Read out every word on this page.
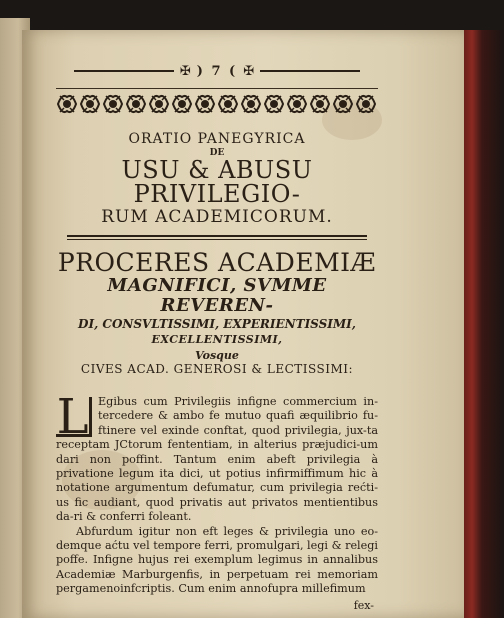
✠ ) 7 ( ✠
ORATIO PANEGYRICA
DE
USU & ABUSU PRIVILEGIO-
RUM ACADEMICORUM.
PROCERES ACADEMIÆ
MAGNIFICI, SVMME REVEREN-
DI, CONSVLTISSIMI, EXPERIENTISSIMI,
EXCELLENTISSIMI,
Vosque
CIVES ACAD. GENEROSI & LECTISSIMI:
L Egibus cum Privilegiis infigne commercium in-tercedere & ambo fe mutuo quafi æquilibrio fu-ftinere vel exinde conftat, quod privilegia, jux-ta receptam JCtorum fententiam, in alterius præjudici-um dari non poffint. Tantum enim abeft privilegia à privatione legum ita dici, ut potius infirmiffimum hic à notatione argumentum defumatur, cum privilegia rećti-us fic audiant, quod privatis aut privatos mentientibus da-ri & conferri foleant.

Abfurdum igitur non eft leges & privilegia uno eo-demque aćtu vel tempore ferri, promulgari, legi & relegi poffe. Infigne hujus rei exemplum legimus in annalibus Academiæ Marburgenfis, in perpetuam rei memoriam pergamenoinfcriptis. Cum enim annofupra millefimum

fex-
